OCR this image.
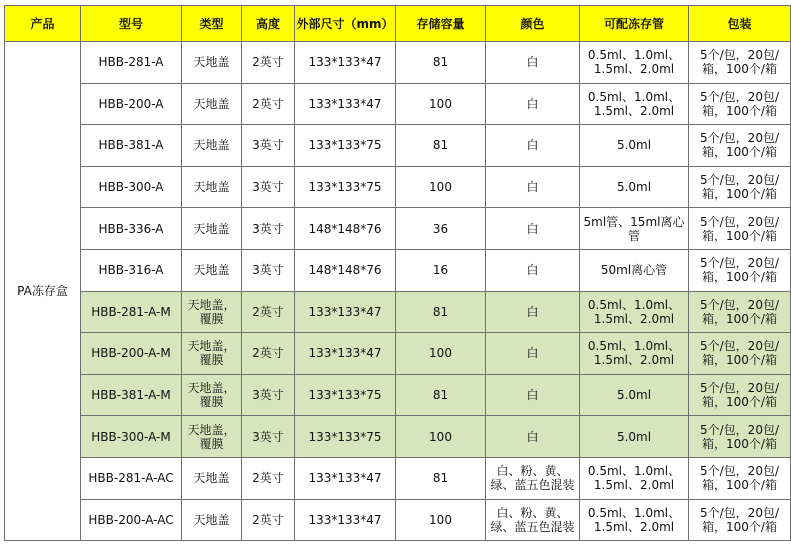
产品	型号	类型	高度	外部尺寸（mm）	存储容量	颜色	可配冻存管	包装
PA冻存盒	HBB-281-A	天地盖	2英寸	133*133*47	81	白	0.5ml、1.0ml、1.5ml、2.0ml	5个/包，20包/箱，100个/箱
	HBB-200-A	天地盖	2英寸	133*133*47	100	白	0.5ml、1.0ml、1.5ml、2.0ml	5个/包，20包/箱，100个/箱
	HBB-381-A	天地盖	3英寸	133*133*75	81	白	5.0ml	5个/包，20包/箱，100个/箱
	HBB-300-A	天地盖	3英寸	133*133*75	100	白	5.0ml	5个/包，20包/箱，100个/箱
	HBB-336-A	天地盖	3英寸	148*148*76	36	白	5ml管、15ml离心管	5个/包，20包/箱，100个/箱
	HBB-316-A	天地盖	3英寸	148*148*76	16	白	50ml离心管	5个/包，20包/箱，100个/箱
	HBB-281-A-M	天地盖，覆膜	2英寸	133*133*47	81	白	0.5ml、1.0ml、1.5ml、2.0ml	5个/包，20包/箱，100个/箱
	HBB-200-A-M	天地盖，覆膜	2英寸	133*133*47	100	白	0.5ml、1.0ml、1.5ml、2.0ml	5个/包，20包/箱，100个/箱
	HBB-381-A-M	天地盖，覆膜	3英寸	133*133*75	81	白	5.0ml	5个/包，20包/箱，100个/箱
	HBB-300-A-M	天地盖，覆膜	3英寸	133*133*75	100	白	5.0ml	5个/包，20包/箱，100个/箱
	HBB-281-A-AC	天地盖	2英寸	133*133*47	81	白、粉、黄、绿、蓝五色混装	0.5ml、1.0ml、1.5ml、2.0ml	5个/包，20包/箱，100个/箱
	HBB-200-A-AC	天地盖	2英寸	133*133*47	100	白、粉、黄、绿、蓝五色混装	0.5ml、1.0ml、1.5ml、2.0ml	5个/包，20包/箱，100个/箱
